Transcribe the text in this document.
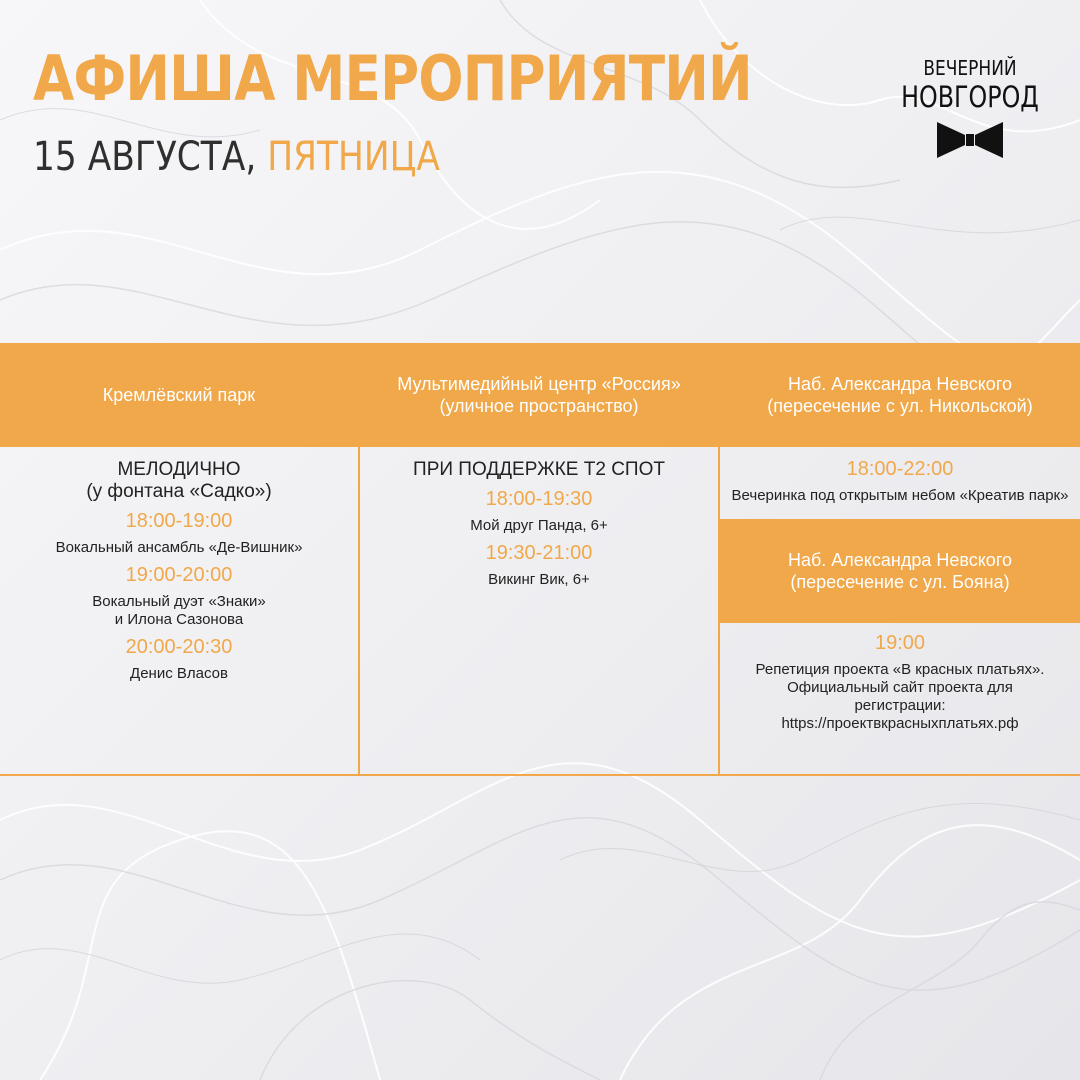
АФИША МЕРОПРИЯТИЙ
15 АВГУСТА, ПЯТНИЦА
ВЕЧЕРНИЙ
НОВГОРОД
Кремлёвский парк
МЕЛОДИЧНО
(у фонтана «Садко»)
18:00-19:00
Вокальный ансамбль «Де-Вишник»
19:00-20:00
Вокальный дуэт «Знаки»
и Илона Сазонова
20:00-20:30
Денис Власов
Мультимедийный центр «Россия»
(уличное пространство)
ПРИ ПОДДЕРЖКЕ Т2 СПОТ
18:00-19:30
Мой друг Панда, 6+
19:30-21:00
Викинг Вик, 6+
Наб. Александра Невского
(пересечение с ул. Никольской)
18:00-22:00
Вечеринка под открытым небом «Креатив парк»
Наб. Александра Невского
(пересечение с ул. Бояна)
19:00
Репетиция проекта «В красных платьях».
Официальный сайт проекта для
регистрации:
https://проектвкрасныхплатьях.рф
